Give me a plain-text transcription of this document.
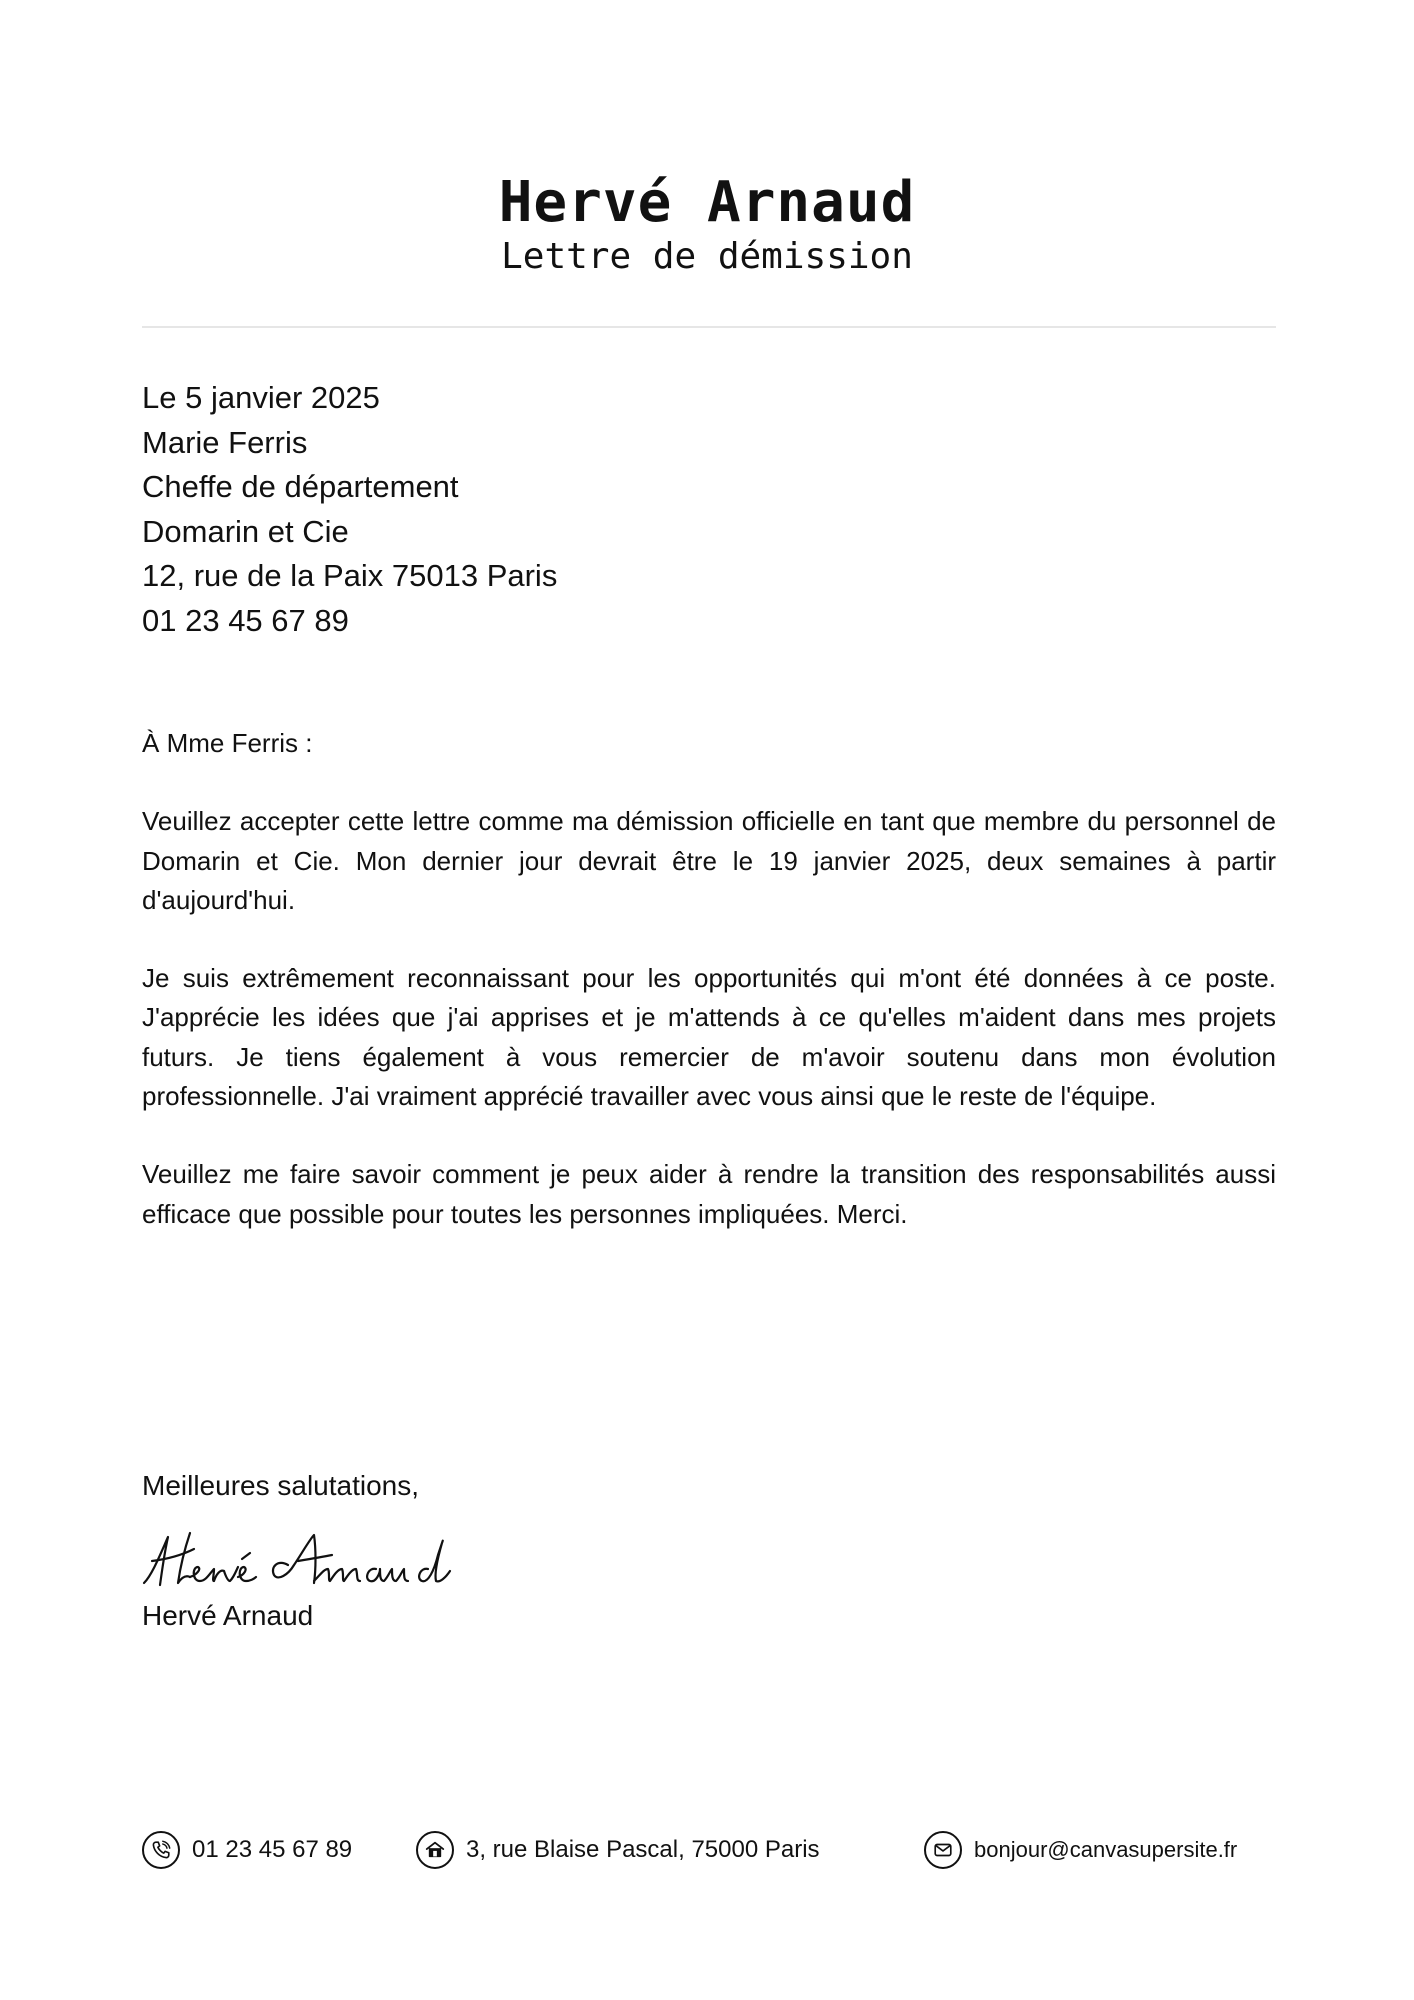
Hervé Arnaud
Lettre de démission
Le 5 janvier 2025
Marie Ferris
Cheffe de département
Domarin et Cie
12, rue de la Paix 75013 Paris
01 23 45 67 89

À Mme Ferris :

Veuillez accepter cette lettre comme ma démission officielle en tant que membre du personnel de Domarin et Cie. Mon dernier jour devrait être le 19 janvier 2025, deux semaines à partir d'aujourd'hui.

Je suis extrêmement reconnaissant pour les opportunités qui m'ont été données à ce poste. J'apprécie les idées que j'ai apprises et je m'attends à ce qu'elles m'aident dans mes projets futurs. Je tiens également à vous remercier de m'avoir soutenu dans mon évolution professionnelle. J'ai vraiment apprécié travailler avec vous ainsi que le reste de l'équipe.

Veuillez me faire savoir comment je peux aider à rendre la transition des responsabilités aussi efficace que possible pour toutes les personnes impliquées. Merci.

Meilleures salutations,
Hervé Arnaud
01 23 45 67 89	3, rue Blaise Pascal, 75000 Paris	bonjour@canvasupersite.fr
